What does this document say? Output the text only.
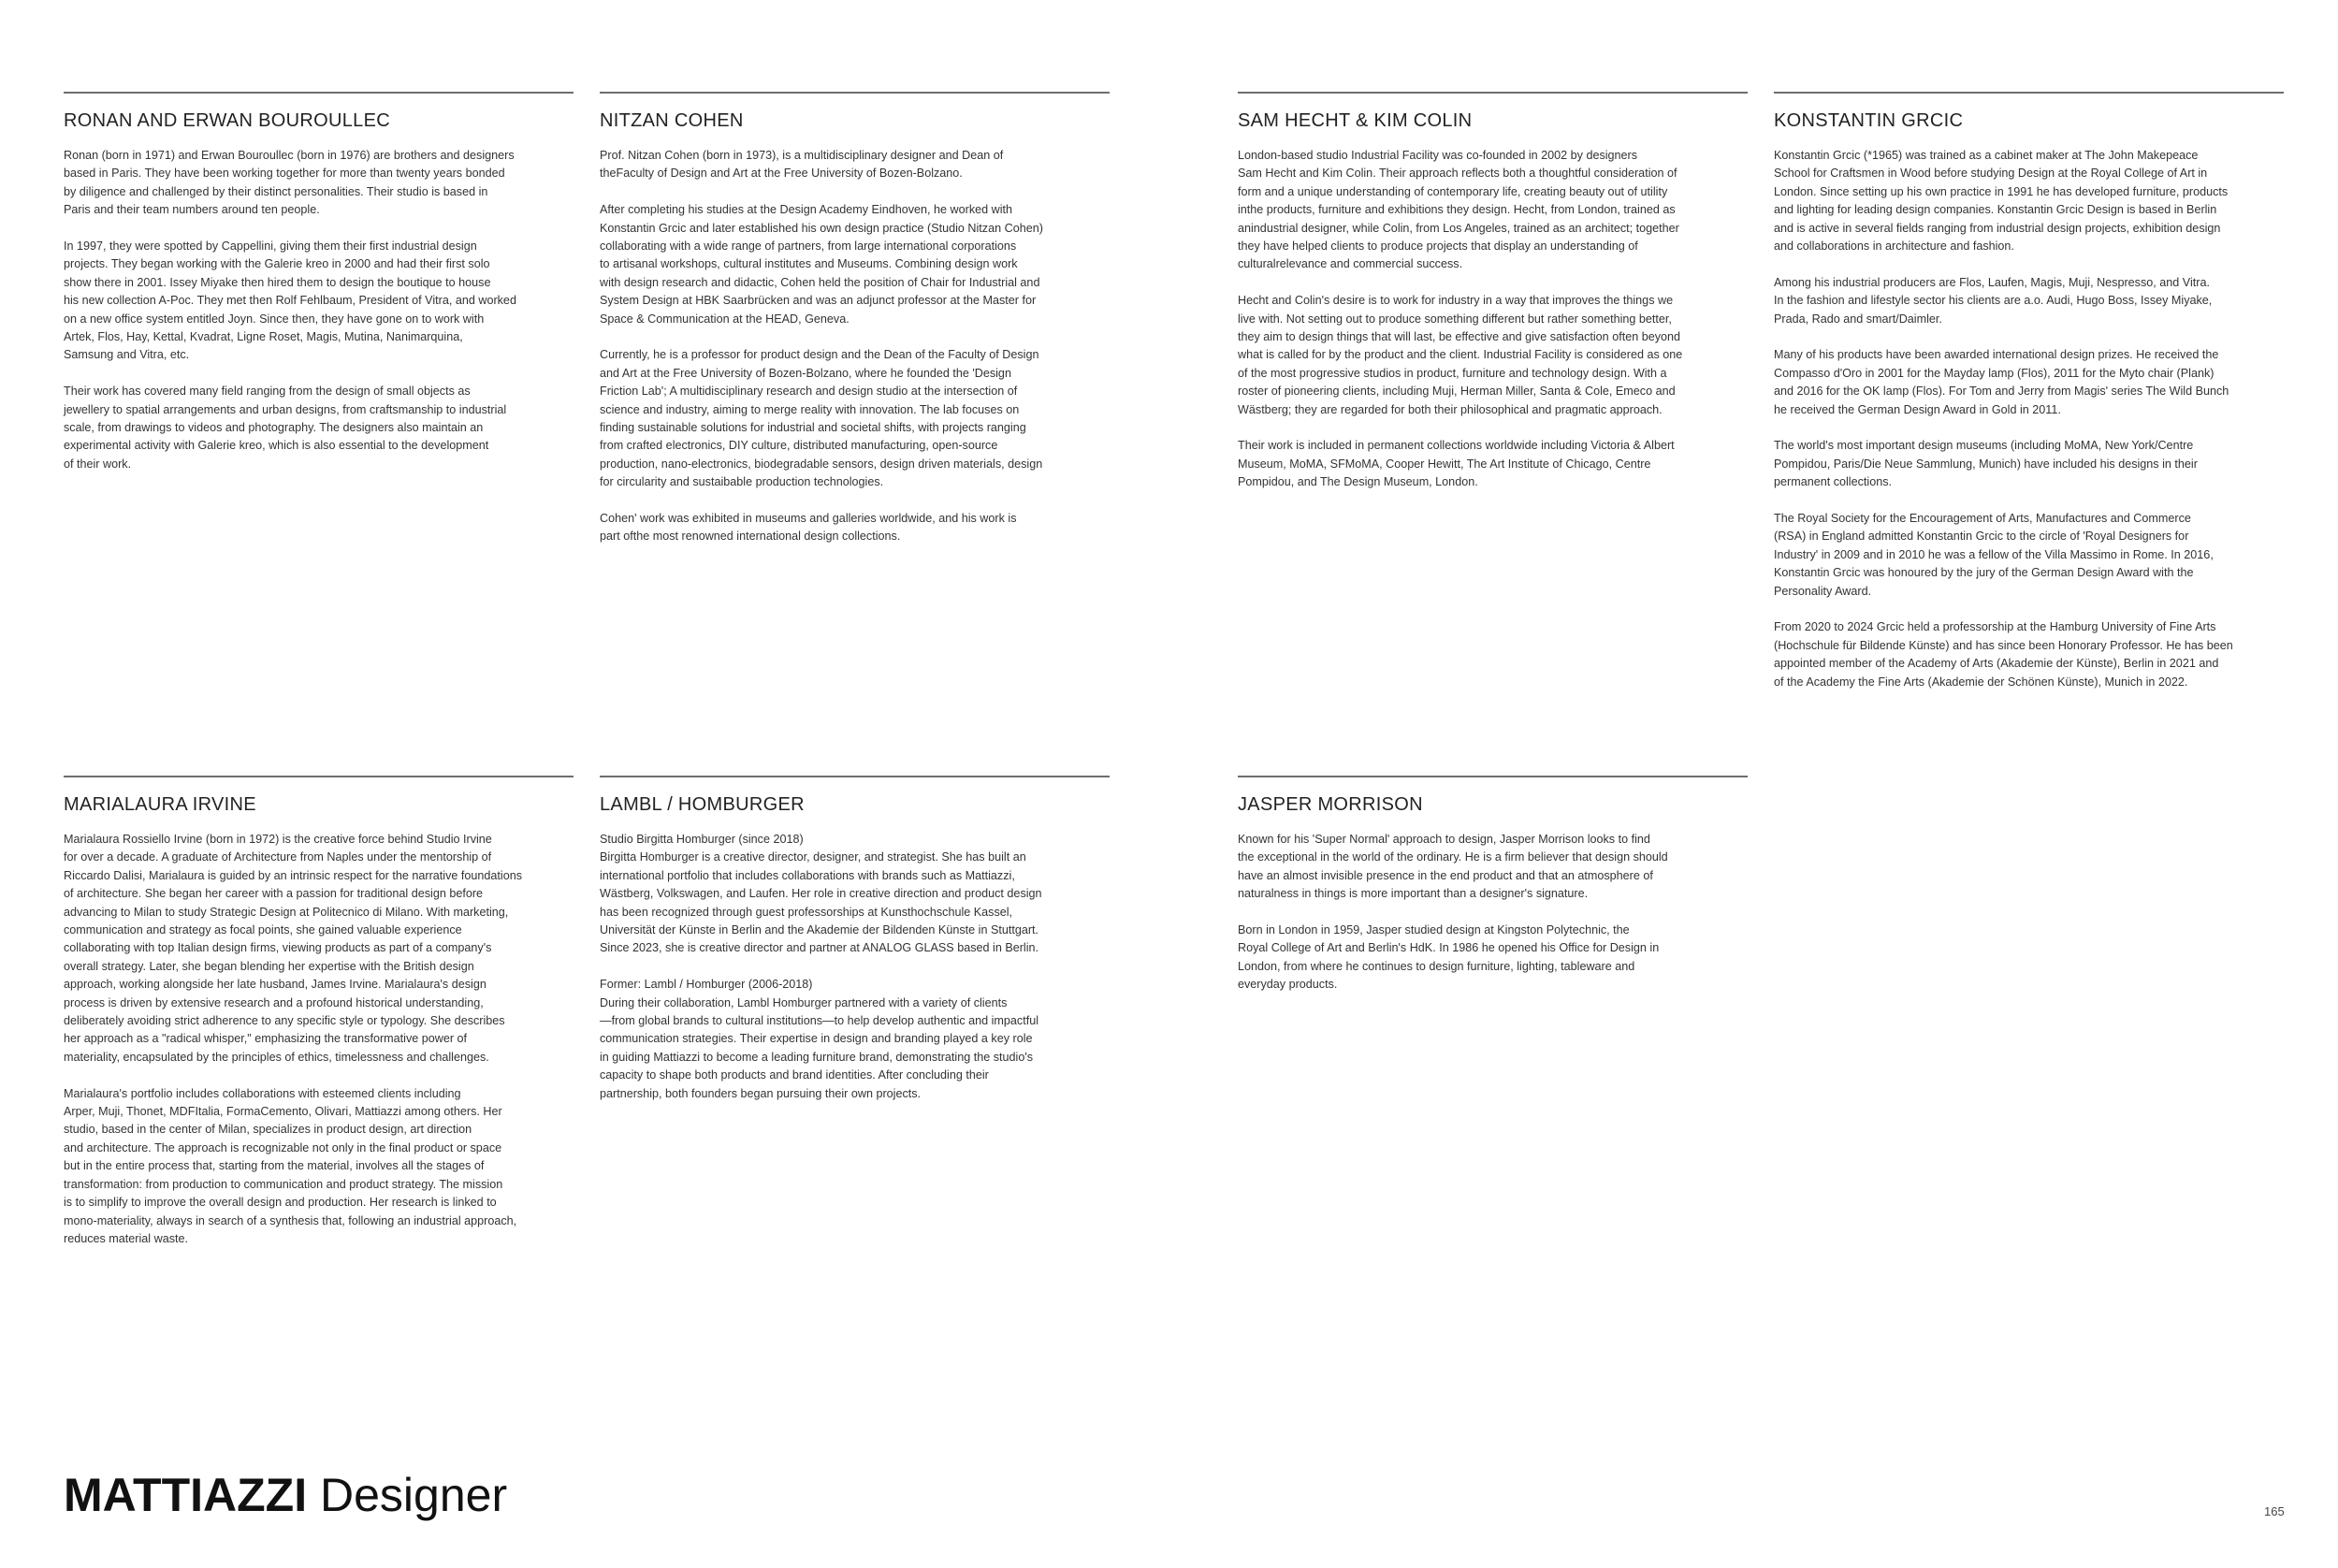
RONAN AND ERWAN BOUROULLEC

Ronan (born in 1971) and Erwan Bouroullec (born in 1976) are brothers and designers
based in Paris. They have been working together for more than twenty years bonded
by diligence and challenged by their distinct personalities. Their studio is based in
Paris and their team numbers around ten people.

In 1997, they were spotted by Cappellini, giving them their first industrial design
projects. They began working with the Galerie kreo in 2000 and had their first solo
show there in 2001. Issey Miyake then hired them to design the boutique to house
his new collection A-Poc. They met then Rolf Fehlbaum, President of Vitra, and worked
on a new office system entitled Joyn. Since then, they have gone on to work with
Artek, Flos, Hay, Kettal, Kvadrat, Ligne Roset, Magis, Mutina, Nanimarquina,
Samsung and Vitra, etc.

Their work has covered many field ranging from the design of small objects as
jewellery to spatial arrangements and urban designs, from craftsmanship to industrial
scale, from drawings to videos and photography. The designers also maintain an
experimental activity with Galerie kreo, which is also essential to the development
of their work.

NITZAN COHEN

Prof. Nitzan Cohen (born in 1973), is a multidisciplinary designer and Dean of
theFaculty of Design and Art at the Free University of Bozen-Bolzano.

After completing his studies at the Design Academy Eindhoven, he worked with
Konstantin Grcic and later established his own design practice (Studio Nitzan Cohen)
collaborating with a wide range of partners, from large international corporations
to artisanal workshops, cultural institutes and Museums. Combining design work
with design research and didactic, Cohen held the position of Chair for Industrial and
System Design at HBK Saarbrücken and was an adjunct professor at the Master for
Space & Communication at the HEAD, Geneva.

Currently, he is a professor for product design and the Dean of the Faculty of Design
and Art at the Free University of Bozen-Bolzano, where he founded the 'Design
Friction Lab'; A multidisciplinary research and design studio at the intersection of
science and industry, aiming to merge reality with innovation. The lab focuses on
finding sustainable solutions for industrial and societal shifts, with projects ranging
from crafted electronics, DIY culture, distributed manufacturing, open-source
production, nano-electronics, biodegradable sensors, design driven materials, design
for circularity and sustaibable production technologies.

Cohen' work was exhibited in museums and galleries worldwide, and his work is
part ofthe most renowned international design collections.

SAM HECHT & KIM COLIN

London-based studio Industrial Facility was co-founded in 2002 by designers
Sam Hecht and Kim Colin. Their approach reflects both a thoughtful consideration of
form and a unique understanding of contemporary life, creating beauty out of utility
inthe products, furniture and exhibitions they design. Hecht, from London, trained as
anindustrial designer, while Colin, from Los Angeles, trained as an architect; together
they have helped clients to produce projects that display an understanding of
culturalrelevance and commercial success.

Hecht and Colin's desire is to work for industry in a way that improves the things we
live with. Not setting out to produce something different but rather something better,
they aim to design things that will last, be effective and give satisfaction often beyond
what is called for by the product and the client. Industrial Facility is considered as one
of the most progressive studios in product, furniture and technology design. With a
roster of pioneering clients, including Muji, Herman Miller, Santa & Cole, Emeco and
Wästberg; they are regarded for both their philosophical and pragmatic approach.

Their work is included in permanent collections worldwide including Victoria & Albert
Museum, MoMA, SFMoMA, Cooper Hewitt, The Art Institute of Chicago, Centre
Pompidou, and The Design Museum, London.

KONSTANTIN GRCIC

Konstantin Grcic (*1965) was trained as a cabinet maker at The John Makepeace
School for Craftsmen in Wood before studying Design at the Royal College of Art in
London. Since setting up his own practice in 1991 he has developed furniture, products
and lighting for leading design companies. Konstantin Grcic Design is based in Berlin
and is active in several fields ranging from industrial design projects, exhibition design
and collaborations in architecture and fashion.

Among his industrial producers are Flos, Laufen, Magis, Muji, Nespresso, and Vitra.
In the fashion and lifestyle sector his clients are a.o. Audi, Hugo Boss, Issey Miyake,
Prada, Rado and smart/Daimler.

Many of his products have been awarded international design prizes. He received the
Compasso d'Oro in 2001 for the Mayday lamp (Flos), 2011 for the Myto chair (Plank)
and 2016 for the OK lamp (Flos). For Tom and Jerry from Magis' series The Wild Bunch
he received the German Design Award in Gold in 2011.

The world's most important design museums (including MoMA, New York/Centre
Pompidou, Paris/Die Neue Sammlung, Munich) have included his designs in their
permanent collections.

The Royal Society for the Encouragement of Arts, Manufactures and Commerce
(RSA) in England admitted Konstantin Grcic to the circle of 'Royal Designers for
Industry' in 2009 and in 2010 he was a fellow of the Villa Massimo in Rome. In 2016,
Konstantin Grcic was honoured by the jury of the German Design Award with the
Personality Award.

From 2020 to 2024 Grcic held a professorship at the Hamburg University of Fine Arts
(Hochschule für Bildende Künste) and has since been Honorary Professor. He has been
appointed member of the Academy of Arts (Akademie der Künste), Berlin in 2021 and
of the Academy the Fine Arts (Akademie der Schönen Künste), Munich in 2022.

MARIALAURA IRVINE

Marialaura Rossiello Irvine (born in 1972) is the creative force behind Studio Irvine
for over a decade. A graduate of Architecture from Naples under the mentorship of
Riccardo Dalisi, Marialaura is guided by an intrinsic respect for the narrative foundations
of architecture. She began her career with a passion for traditional design before
advancing to Milan to study Strategic Design at Politecnico di Milano. With marketing,
communication and strategy as focal points, she gained valuable experience
collaborating with top Italian design firms, viewing products as part of a company's
overall strategy. Later, she began blending her expertise with the British design
approach, working alongside her late husband, James Irvine. Marialaura's design
process is driven by extensive research and a profound historical understanding,
deliberately avoiding strict adherence to any specific style or typology. She describes
her approach as a "radical whisper," emphasizing the transformative power of
materiality, encapsulated by the principles of ethics, timelessness and challenges.

Marialaura's portfolio includes collaborations with esteemed clients including
Arper, Muji, Thonet, MDFItalia, FormaCemento, Olivari, Mattiazzi among others. Her
studio, based in the center of Milan, specializes in product design, art direction
and architecture. The approach is recognizable not only in the final product or space
but in the entire process that, starting from the material, involves all the stages of
transformation: from production to communication and product strategy. The mission
is to simplify to improve the overall design and production. Her research is linked to
mono-materiality, always in search of a synthesis that, following an industrial approach,
reduces material waste.

LAMBL / HOMBURGER

Studio Birgitta Homburger (since 2018)
Birgitta Homburger is a creative director, designer, and strategist. She has built an
international portfolio that includes collaborations with brands such as Mattiazzi,
Wästberg, Volkswagen, and Laufen. Her role in creative direction and product design
has been recognized through guest professorships at Kunsthochschule Kassel,
Universität der Künste in Berlin and the Akademie der Bildenden Künste in Stuttgart.
Since 2023, she is creative director and partner at ANALOG GLASS based in Berlin.

Former: Lambl / Homburger (2006-2018)
During their collaboration, Lambl Homburger partnered with a variety of clients
—from global brands to cultural institutions—to help develop authentic and impactful
communication strategies. Their expertise in design and branding played a key role
in guiding Mattiazzi to become a leading furniture brand, demonstrating the studio's
capacity to shape both products and brand identities. After concluding their
partnership, both founders began pursuing their own projects.

JASPER MORRISON

Known for his 'Super Normal' approach to design, Jasper Morrison looks to find
the exceptional in the world of the ordinary. He is a firm believer that design should
have an almost invisible presence in the end product and that an atmosphere of
naturalness in things is more important than a designer's signature.

Born in London in 1959, Jasper studied design at Kingston Polytechnic, the
Royal College of Art and Berlin's HdK. In 1986 he opened his Office for Design in
London, from where he continues to design furniture, lighting, tableware and
everyday products.

MATTIAZZI Designer	165
